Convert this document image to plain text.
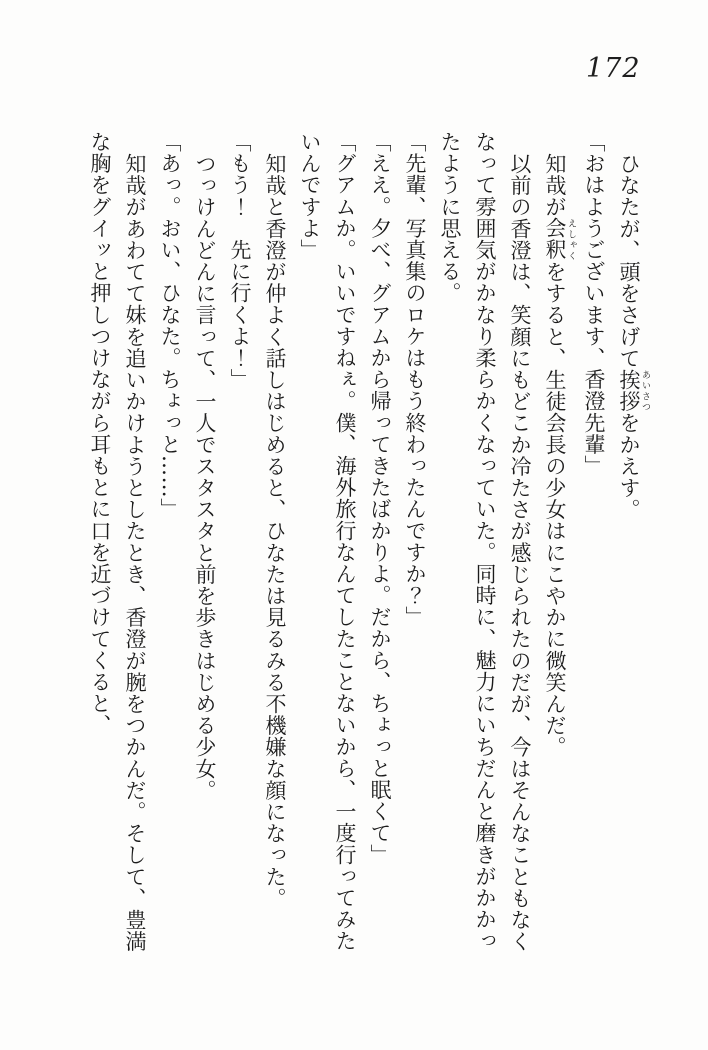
172

ひなたが、頭をさげて挨拶 あいさつをかえす。

「おはようございます、香澄先輩」

知哉が会釈 えしゃくをすると、生徒会長の少女はにこやかに微笑んだ。

以前の香澄は、笑顔にもどこか冷たさが感じられたのだが、今はそんなこともなく

なって雰囲気がかなり柔らかくなっていた。同時に、魅力にいちだんと磨きがかかっ

たように思える。

「先輩、写真集のロケはもう終わったんですか？」

「ええ。夕べ、グアムから帰ってきたばかりよ。だから、ちょっと眠くて」

「グアムか。いいですねぇ。僕、海外旅行なんてしたことないから、一度行ってみた

いんですよ」

知哉と香澄が仲よく話しはじめると、ひなたは見るみる不機嫌な顔になった。

「もう！　先に行くよ！」

つっけんどんに言って、一人でスタスタと前を歩きはじめる少女。

「あっ。おい、ひなた。ちょっと……」

知哉があわてて妹を追いかけようとしたとき、香澄が腕をつかんだ。そして、豊満

な胸をグイッと押しつけながら耳もとに口を近づけてくると、
